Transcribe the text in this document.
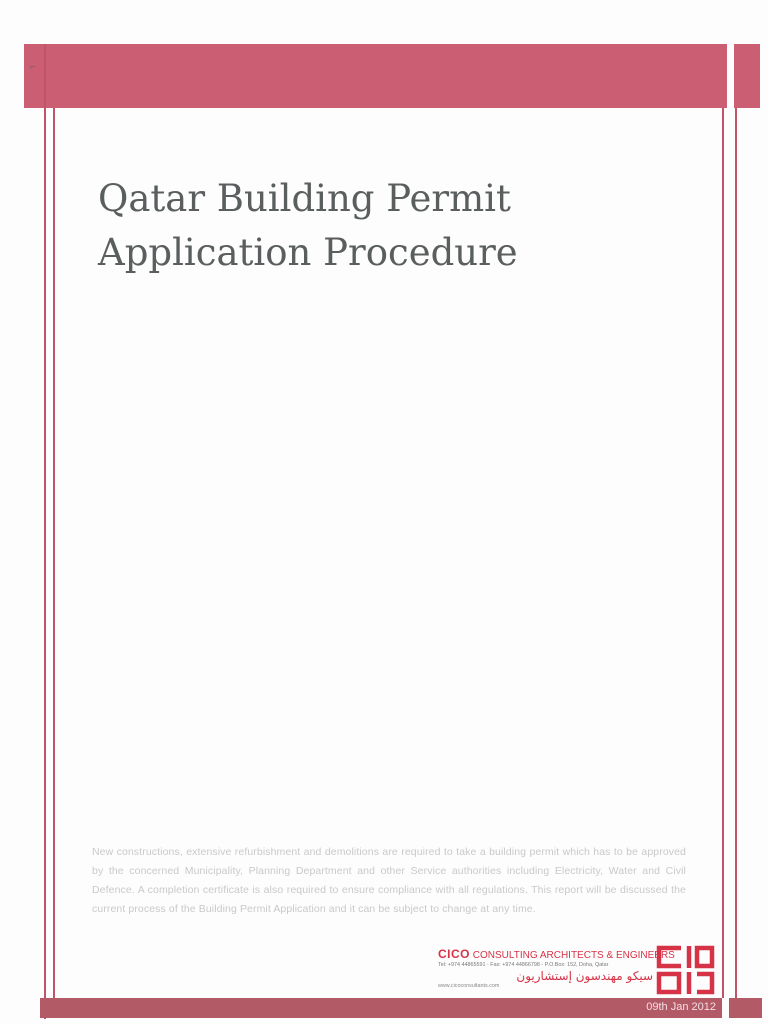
⌐
Qatar Building Permit
Application Procedure
New constructions, extensive refurbishment and demolitions are required to take a building permit which has to be approved by the concerned Municipality, Planning Department and other Service authorities including Electricity, Water and Civil Defence. A completion certificate is also required to ensure compliance with all regulations. This report will be discussed the current process of the Building Permit Application and it can be subject to change at any time.
CICO CONSULTING ARCHITECTS & ENGINEERS
Tel: +974 44865591 - Fax: +974 44866798 - P.O.Box: 152, Doha, Qatar
سيكو مهندسون إستشاريون
www.cicoconsultants.com
09th Jan 2012
